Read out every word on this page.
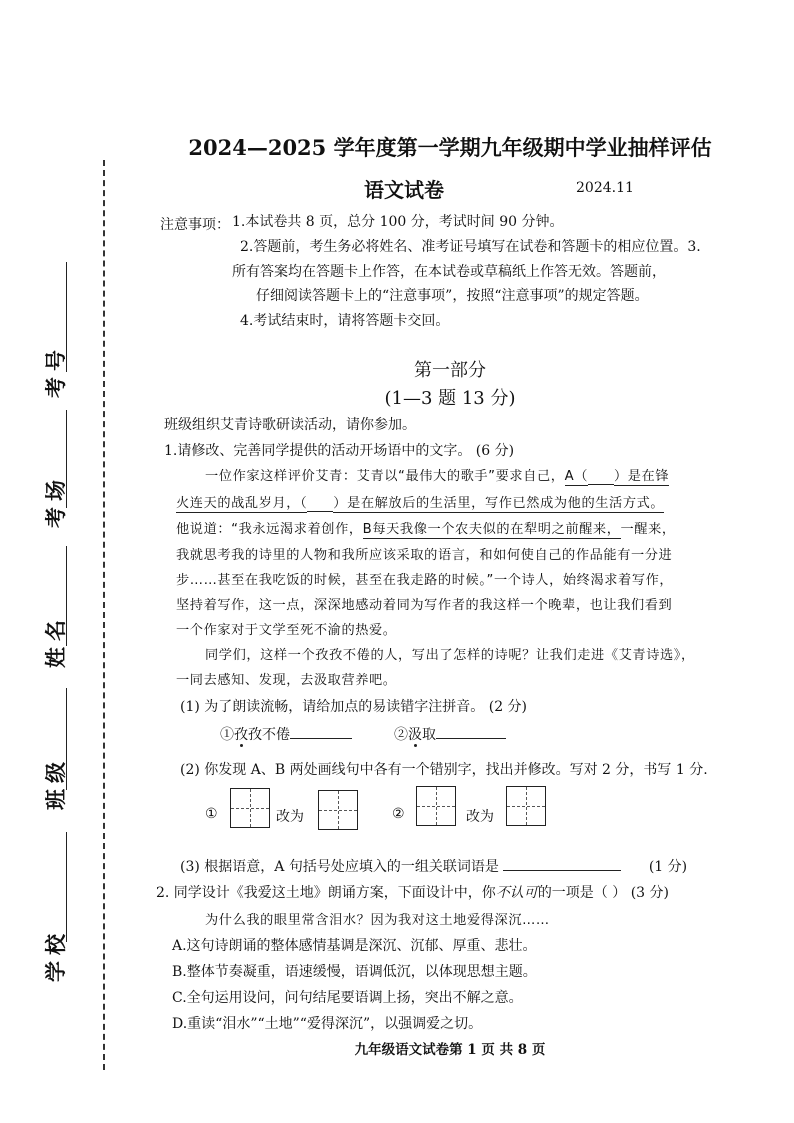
考号
考场
姓名
班级
学校
2024—2025 学年度第一学期九年级期中学业抽样评估
语文试卷	2024.11
注意事项： 1.本试卷共 8 页，总分 100 分，考试时间 90 分钟。
2.答题前，考生务必将姓名、准考证号填写在试卷和答题卡的相应位置。3.
所有答案均在答题卡上作答，在本试卷或草稿纸上作答无效。答题前，
仔细阅读答题卡上的“注意事项”，按照“注意事项”的规定答题。
4.考试结束时，请将答题卡交回。
第一部分
(1—3 题 13 分)
班级组织艾青诗歌研读活动，请你参加。
1.请修改、完善同学提供的活动开场语中的文字。 (6 分)
一位作家这样评价艾青：艾青以“最伟大的歌手”要求自己，A（ ）是在锋
火连天的战乱岁月，（ ）是在解放后的生活里，写作已然成为他的生活方式。
他说道：“我永远渴求着创作，B每天我像一个农夫似的在犁明之前醒来，一醒来，
我就思考我的诗里的人物和我所应该采取的语言，和如何使自己的作品能有一分进
步……甚至在我吃饭的时候，甚至在我走路的时候。”一个诗人，始终渴求着写作，
坚持着写作，这一点，深深地感动着同为写作者的我这样一个晚辈，也让我们看到
一个作家对于文学至死不渝的热爱。
同学们，这样一个孜孜不倦的人，写出了怎样的诗呢？让我们走进《艾青诗选》，
一同去感知、发现，去汲取营养吧。
(1) 为了朗读流畅，请给加点的易读错字注拼音。 (2 分)
①孜孜不倦	②汲取
(2) 你发现 A、B 两处画线句中各有一个错别字，找出并修改。写对 2 分，书写 1 分.
①	改为	②	改为
(3) 根据语意，A 句括号处应填入的一组关联词语是	(1 分)
2. 同学设计《我爱这土地》朗诵方案，下面设计中，你不认可的一项是（ ） (3 分)
为什么我的眼里常含泪水？因为我对这土地爱得深沉……
A.这句诗朗诵的整体感情基调是深沉、沉郁、厚重、悲壮。
B.整体节奏凝重，语速缓慢，语调低沉，以体现思想主题。
C.全句运用设问，问句结尾要语调上扬，突出不解之意。
D.重读“泪水”“土地”“爱得深沉”，以强调爱之切。
九年级语文试卷第 1 页 共 8 页
